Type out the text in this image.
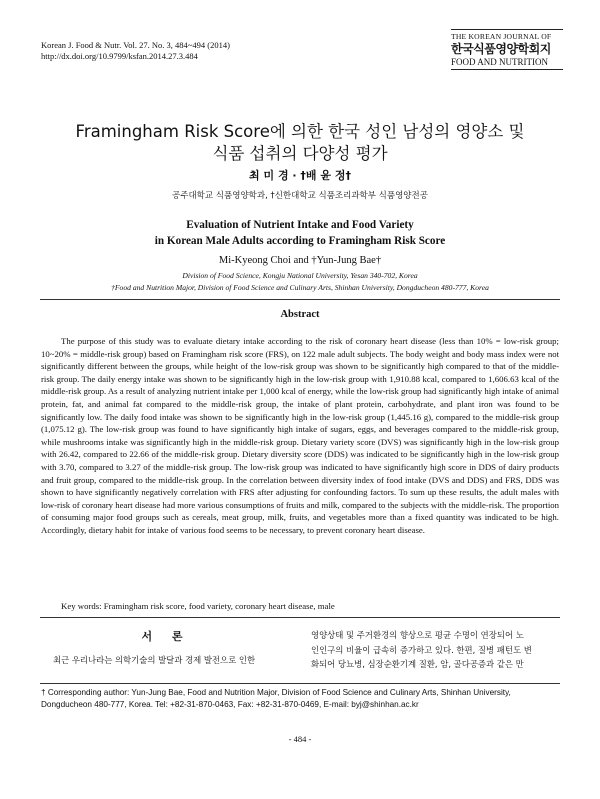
Korean J. Food & Nutr. Vol. 27. No. 3, 484~494 (2014)
http://dx.doi.org/10.9799/ksfan.2014.27.3.484
THE KOREAN JOURNAL OF
한국식품영양학회지
FOOD AND NUTRITION
Framingham Risk Score에 의한 한국 성인 남성의 영양소 및
식품 섭취의 다양성 평가
최 미 경 · †배 윤 정†
공주대학교 식품영양학과, †신한대학교 식품조리과학부 식품영양전공
Evaluation of Nutrient Intake and Food Variety
in Korean Male Adults according to Framingham Risk Score
Mi-Kyeong Choi and †Yun-Jung Bae†
Division of Food Science, Kongju National University, Yesan 340-702, Korea
†Food and Nutrition Major, Division of Food Science and Culinary Arts, Shinhan University, Dongducheon 480-777, Korea
Abstract
The purpose of this study was to evaluate dietary intake according to the risk of coronary heart disease (less than 10% = low-risk group; 10~20% = middle-risk group) based on Framingham risk score (FRS), on 122 male adult subjects. The body weight and body mass index were not significantly different between the groups, while height of the low-risk group was shown to be significantly high compared to that of the middle-risk group. The daily energy intake was shown to be significantly high in the low-risk group with 1,910.88 kcal, compared to 1,606.63 kcal of the middle-risk group. As a result of analyzing nutrient intake per 1,000 kcal of energy, while the low-risk group had significantly high intake of animal protein, fat, and animal fat compared to the middle-risk group, the intake of plant protein, carbohydrate, and plant iron was found to be significantly low. The daily food intake was shown to be significantly high in the low-risk group (1,445.16 g), compared to the middle-risk group (1,075.12 g). The low-risk group was found to have significantly high intake of sugars, eggs, and beverages compared to the middle-risk group, while mushrooms intake was significantly high in the middle-risk group. Dietary variety score (DVS) was significantly high in the low-risk group with 26.42, compared to 22.66 of the middle-risk group. Dietary diversity score (DDS) was indicated to be significantly high in the low-risk group with 3.70, compared to 3.27 of the middle-risk group. The low-risk group was indicated to have significantly high score in DDS of dairy products and fruit group, compared to the middle-risk group. In the correlation between diversity index of food intake (DVS and DDS) and FRS, DDS was shown to have significantly negatively correlation with FRS after adjusting for confounding factors. To sum up these results, the adult males with low-risk of coronary heart disease had more various consumptions of fruits and milk, compared to the subjects with the middle-risk. The proportion of consuming major food groups such as cereals, meat group, milk, fruits, and vegetables more than a fixed quantity was indicated to be high. Accordingly, dietary habit for intake of various food seems to be necessary, to prevent coronary heart disease.
Key words: Framingham risk score, food variety, coronary heart disease, male
서 론
최근 우리나라는 의학기술의 발달과 경제 발전으로 인한
영양상태 및 주거환경의 향상으로 평균 수명이 연장되어 노
인인구의 비율이 급속히 증가하고 있다. 한편, 질병 패턴도 변
화되어 당뇨병, 심장순환기계 질환, 암, 골다공증과 같은 만
† Corresponding author: Yun-Jung Bae, Food and Nutrition Major, Division of Food Science and Culinary Arts, Shinhan University, Dongducheon 480-777, Korea. Tel: +82-31-870-0463, Fax: +82-31-870-0469, E-mail: byj@shinhan.ac.kr
- 484 -
